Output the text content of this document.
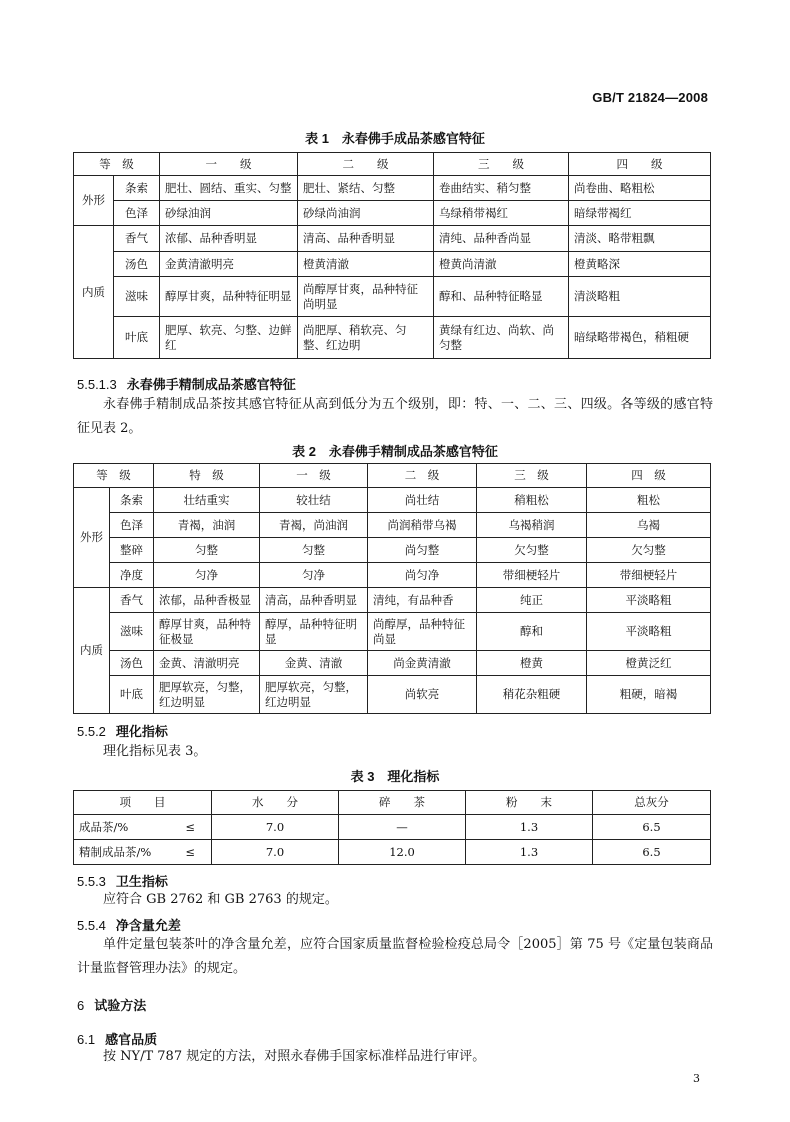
GB/T 21824—2008
表 1　永春佛手成品茶感官特征
等　级		一　　级	二　　级	三　　级	四　　级
外形	条索	肥壮、圆结、重实、匀整	肥壮、紧结、匀整	卷曲结实、稍匀整	尚卷曲、略粗松
	色泽	砂绿油润	砂绿尚油润	乌绿稍带褐红	暗绿带褐红
内质	香气	浓郁、品种香明显	清高、品种香明显	清纯、品种香尚显	清淡、略带粗飘
	汤色	金黄清澈明亮	橙黄清澈	橙黄尚清澈	橙黄略深
	滋味	醇厚甘爽，品种特征明显	尚醇厚甘爽，品种特征尚明显	醇和、品种特征略显	清淡略粗
	叶底	肥厚、软亮、匀整、边鲜红	尚肥厚、稍软亮、匀整、红边明	黄绿有红边、尚软、尚匀整	暗绿略带褐色，稍粗硬
5.5.1.3 永春佛手精制成品茶感官特征
永春佛手精制成品茶按其感官特征从高到低分为五个级别，即：特、一、二、三、四级。各等级的感官特征见表 2。
表 2　永春佛手精制成品茶感官特征
等　级		特　级	一　级	二　级	三　级	四　级
外形	条索	壮结重实	较壮结	尚壮结	稍粗松	粗松
	色泽	青褐，油润	青褐，尚油润	尚润稍带乌褐	乌褐稍润	乌褐
	整碎	匀整	匀整	尚匀整	欠匀整	欠匀整
	净度	匀净	匀净	尚匀净	带细梗轻片	带细梗轻片
内质	香气	浓郁，品种香极显	清高，品种香明显	清纯，有品种香	纯正	平淡略粗
	滋味	醇厚甘爽，品种特征极显	醇厚，品种特征明显	尚醇厚，品种特征尚显	醇和	平淡略粗
	汤色	金黄、清澈明亮	金黄、清澈	尚金黄清澈	橙黄	橙黄泛红
	叶底	肥厚软亮，匀整，红边明显	肥厚软亮，匀整，红边明显	尚软亮	稍花杂粗硬	粗硬，暗褐
5.5.2 理化指标
理化指标见表 3。
表 3　理化指标
项　　目		水　　分	碎　　茶	粉　　末	总灰分
成品茶/%	≤	7.0	—	1.3	6.5
精制成品茶/%	≤	7.0	12.0	1.3	6.5
5.5.3 卫生指标
应符合 GB 2762 和 GB 2763 的规定。
5.5.4 净含量允差
单件定量包装茶叶的净含量允差，应符合国家质量监督检验检疫总局令［2005］第 75 号《定量包装商品计量监督管理办法》的规定。
6 试验方法
6.1 感官品质
按 NY/T 787 规定的方法，对照永春佛手国家标准样品进行审评。
3
